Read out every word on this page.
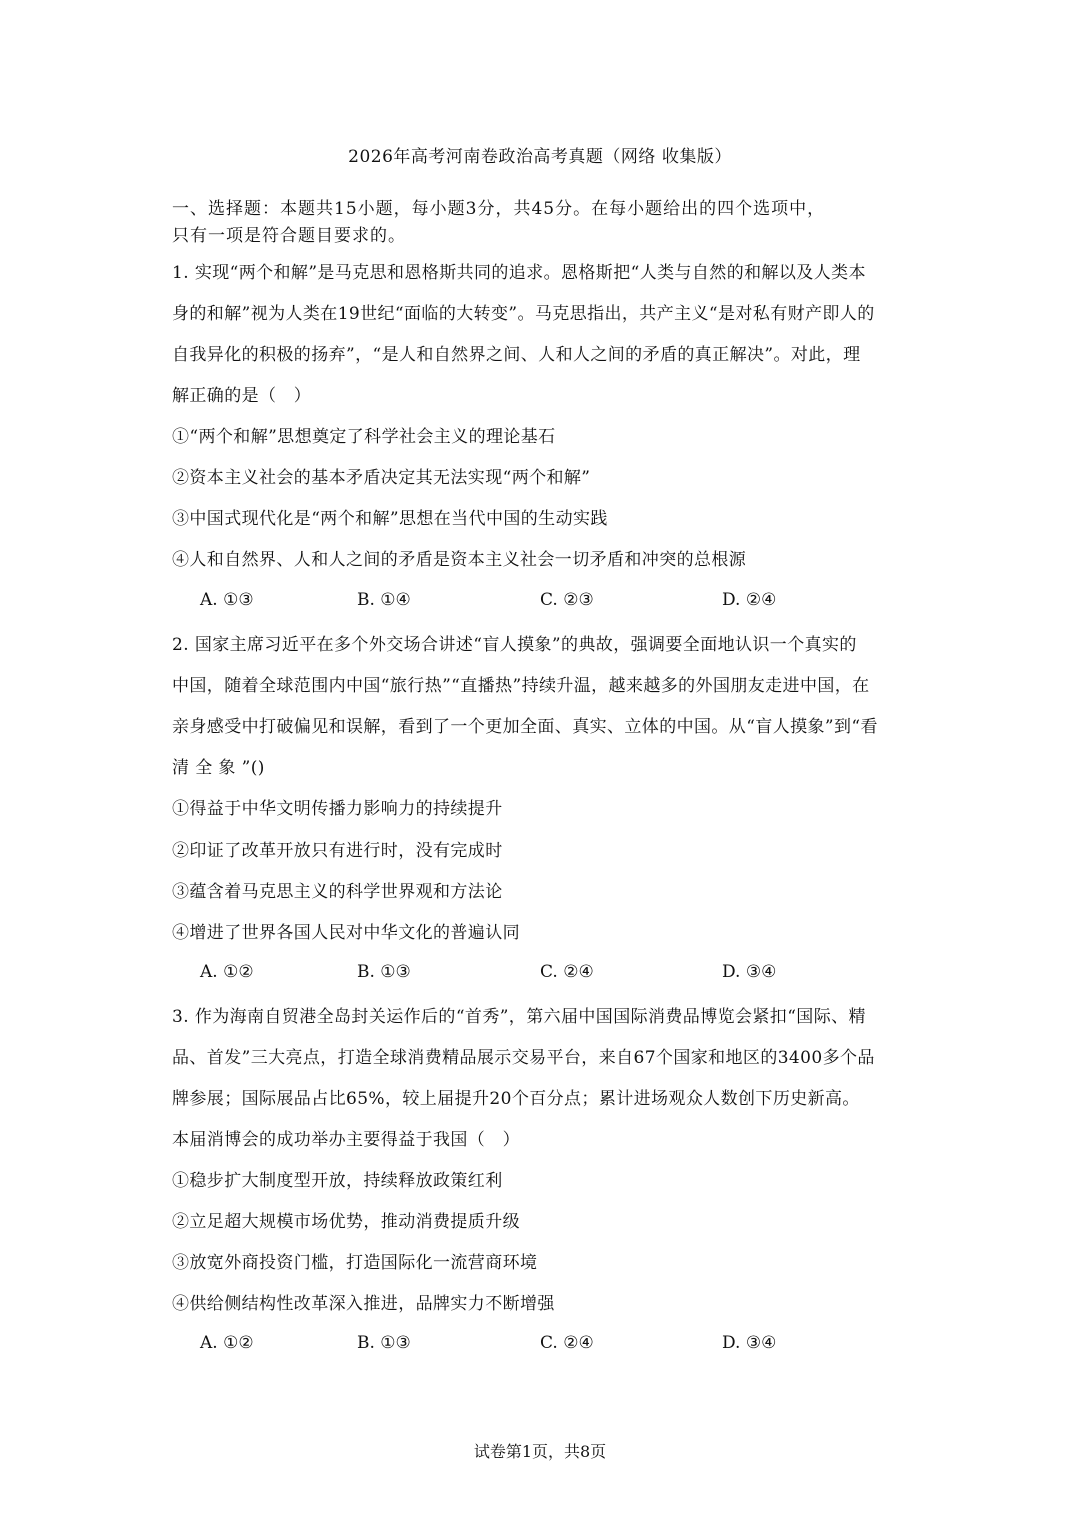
2026年高考河南卷政治高考真题（网络 收集版）
一、选择题：本题共15小题，每小题3分，共45分。在每小题给出的四个选项中，
只有一项是符合题目要求的。
1. 实现“两个和解”是马克思和恩格斯共同的追求。恩格斯把“人类与自然的和解以及人类本
身的和解”视为人类在19世纪“面临的大转变”。马克思指出，共产主义“是对私有财产即人的
自我异化的积极的扬弃”，“是人和自然界之间、人和人之间的矛盾的真正解决”。对此，理
解正确的是（　）
①“两个和解”思想奠定了科学社会主义的理论基石
②资本主义社会的基本矛盾决定其无法实现“两个和解”
③中国式现代化是“两个和解”思想在当代中国的生动实践
④人和自然界、人和人之间的矛盾是资本主义社会一切矛盾和冲突的总根源
A. ①③	B. ①④	C. ②③	D. ②④
2. 国家主席习近平在多个外交场合讲述“盲人摸象”的典故，强调要全面地认识一个真实的
中国，随着全球范围内中国“旅行热”“直播热”持续升温，越来越多的外国朋友走进中国，在
亲身感受中打破偏见和误解，看到了一个更加全面、真实、立体的中国。从“盲人摸象”到“看
清 全 象 ”()
①得益于中华文明传播力影响力的持续提升
②印证了改革开放只有进行时，没有完成时
③蕴含着马克思主义的科学世界观和方法论
④增进了世界各国人民对中华文化的普遍认同
A. ①②	B. ①③	C. ②④	D. ③④
3. 作为海南自贸港全岛封关运作后的“首秀”，第六届中国国际消费品博览会紧扣“国际、精
品、首发”三大亮点，打造全球消费精品展示交易平台，来自67个国家和地区的3400多个品
牌参展；国际展品占比65%，较上届提升20个百分点；累计进场观众人数创下历史新高。
本届消博会的成功举办主要得益于我国（　）
①稳步扩大制度型开放，持续释放政策红利
②立足超大规模市场优势，推动消费提质升级
③放宽外商投资门槛，打造国际化一流营商环境
④供给侧结构性改革深入推进，品牌实力不断增强
A. ①②	B. ①③	C. ②④	D. ③④
试卷第1页，共8页
